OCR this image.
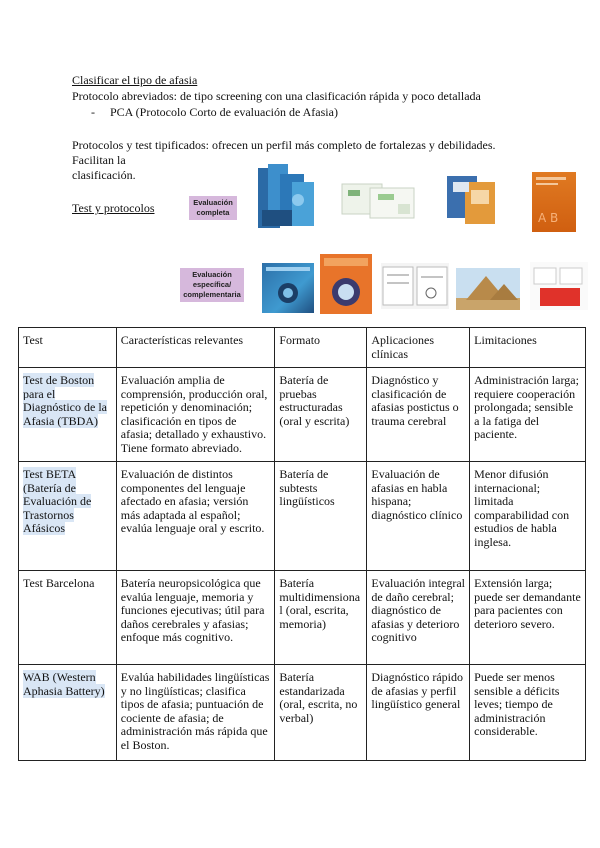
Clasificar el tipo de afasia
Protocolo abreviados: de tipo screening con una clasificación rápida y poco detallada
- PCA (Protocolo Corto de evaluación de Afasia)
Protocolos y test tipificados: ofrecen un perfil más completo de fortalezas y debilidades.
Facilitan la
clasificación.
Test y protocolos	Evaluación completa
Evaluación específica/ complementaria
A B
Test	Características relevantes	Formato	Aplicaciones clínicas	Limitaciones
Test de Boston para el Diagnóstico de la Afasia (TBDA)	Evaluación amplia de comprensión, producción oral, repetición y denominación; clasificación en tipos de afasia; detallado y exhaustivo. Tiene formato abreviado.	Batería de pruebas estructuradas (oral y escrita)	Diagnóstico y clasificación de afasias postictus o trauma cerebral	Administración larga; requiere cooperación prolongada; sensible a la fatiga del paciente.
Test BETA (Batería de Evaluación de Trastornos Afásicos	Evaluación de distintos componentes del lenguaje afectado en afasia; versión más adaptada al español; evalúa lenguaje oral y escrito.	Batería de subtests lingüísticos	Evaluación de afasias en habla hispana; diagnóstico clínico	Menor difusión internacional; limitada comparabilidad con estudios de habla inglesa.
Test Barcelona	Batería neuropsicológica que evalúa lenguaje, memoria y funciones ejecutivas; útil para daños cerebrales y afasias; enfoque más cognitivo.	Batería multidimensiona l (oral, escrita, memoria)	Evaluación integral de daño cerebral; diagnóstico de afasias y deterioro cognitivo	Extensión larga; puede ser demandante para pacientes con deterioro severo.
WAB (Western Aphasia Battery)	Evalúa habilidades lingüísticas y no lingüísticas; clasifica tipos de afasia; puntuación de cociente de afasia; de administración más rápida que el Boston.	Batería estandarizada (oral, escrita, no verbal)	Diagnóstico rápido de afasias y perfil lingüístico general	Puede ser menos sensible a déficits leves; tiempo de administración considerable.
